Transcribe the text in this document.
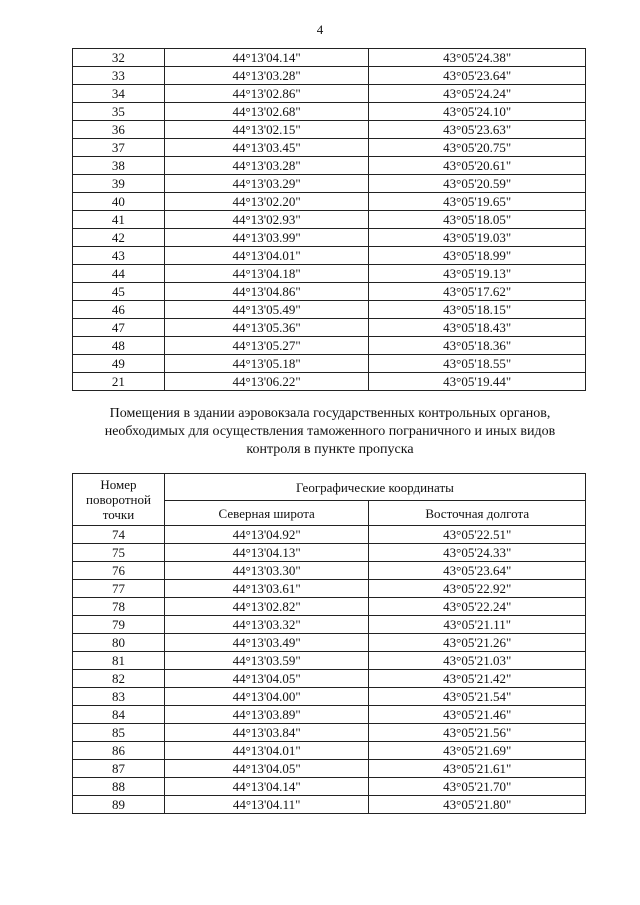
4
32	44°13'04.14"	43°05'24.38"
33	44°13'03.28"	43°05'23.64"
34	44°13'02.86"	43°05'24.24"
35	44°13'02.68"	43°05'24.10"
36	44°13'02.15"	43°05'23.63"
37	44°13'03.45"	43°05'20.75"
38	44°13'03.28"	43°05'20.61"
39	44°13'03.29"	43°05'20.59"
40	44°13'02.20"	43°05'19.65"
41	44°13'02.93"	43°05'18.05"
42	44°13'03.99"	43°05'19.03"
43	44°13'04.01"	43°05'18.99"
44	44°13'04.18"	43°05'19.13"
45	44°13'04.86"	43°05'17.62"
46	44°13'05.49"	43°05'18.15"
47	44°13'05.36"	43°05'18.43"
48	44°13'05.27"	43°05'18.36"
49	44°13'05.18"	43°05'18.55"
21	44°13'06.22"	43°05'19.44"
Помещения в здании аэровокзала государственных контрольных органов,
необходимых для осуществления таможенного пограничного и иных видов
контроля в пункте пропуска
Номер поворотной точки	Географические координаты	
	Северная широта	Восточная долгота
74	44°13'04.92"	43°05'22.51"
75	44°13'04.13"	43°05'24.33"
76	44°13'03.30"	43°05'23.64"
77	44°13'03.61"	43°05'22.92"
78	44°13'02.82"	43°05'22.24"
79	44°13'03.32"	43°05'21.11"
80	44°13'03.49"	43°05'21.26"
81	44°13'03.59"	43°05'21.03"
82	44°13'04.05"	43°05'21.42"
83	44°13'04.00"	43°05'21.54"
84	44°13'03.89"	43°05'21.46"
85	44°13'03.84"	43°05'21.56"
86	44°13'04.01"	43°05'21.69"
87	44°13'04.05"	43°05'21.61"
88	44°13'04.14"	43°05'21.70"
89	44°13'04.11"	43°05'21.80"
